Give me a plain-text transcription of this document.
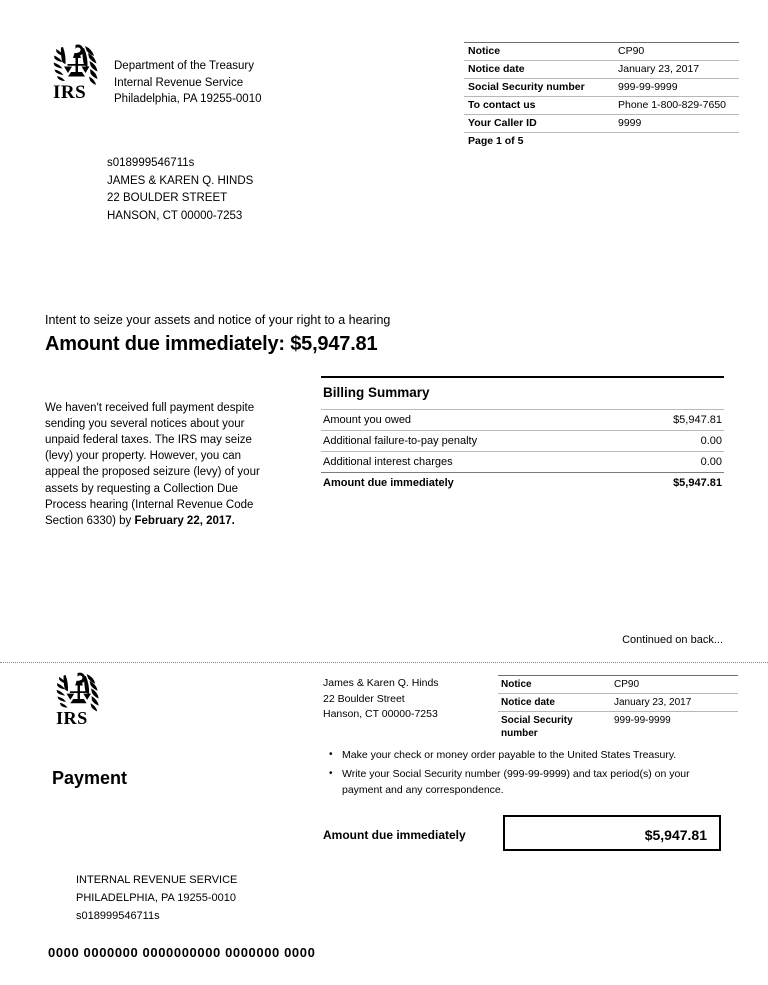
IRS
Department of the Treasury
Internal Revenue Service
Philadelphia, PA 19255-0010
Notice	CP90
Notice date	January 23, 2017
Social Security number	999-99-9999
To contact us	Phone 1-800-829-7650
Your Caller ID	9999
Page 1 of 5	
s018999546711s
JAMES & KAREN Q. HINDS
22 BOULDER STREET
HANSON, CT 00000-7253
Intent to seize your assets and notice of your right to a hearing
Amount due immediately: $5,947.81

We haven't received full payment despite sending you several notices about your unpaid federal taxes. The IRS may seize (levy) your property. However, you can appeal the proposed seizure (levy) of your assets by requesting a Collection Due Process hearing (Internal Revenue Code Section 6330) by February 22, 2017.

Billing Summary
Amount you owed	$5,947.81
Additional failure-to-pay penalty	0.00
Additional interest charges	0.00
Amount due immediately	$5,947.81
Continued on back...
IRS
Payment
James & Karen Q. Hinds
22 Boulder Street
Hanson, CT 00000-7253
Notice	CP90
Notice date	January 23, 2017
Social Security number	999-99-9999
• Make your check or money order payable to the United States Treasury.
• Write your Social Security number (999-99-9999) and tax period(s) on your payment and any correspondence.
Amount due immediately	$5,947.81
INTERNAL REVENUE SERVICE
PHILADELPHIA, PA 19255-0010
s018999546711s
0000 0000000 0000000000 0000000 0000
